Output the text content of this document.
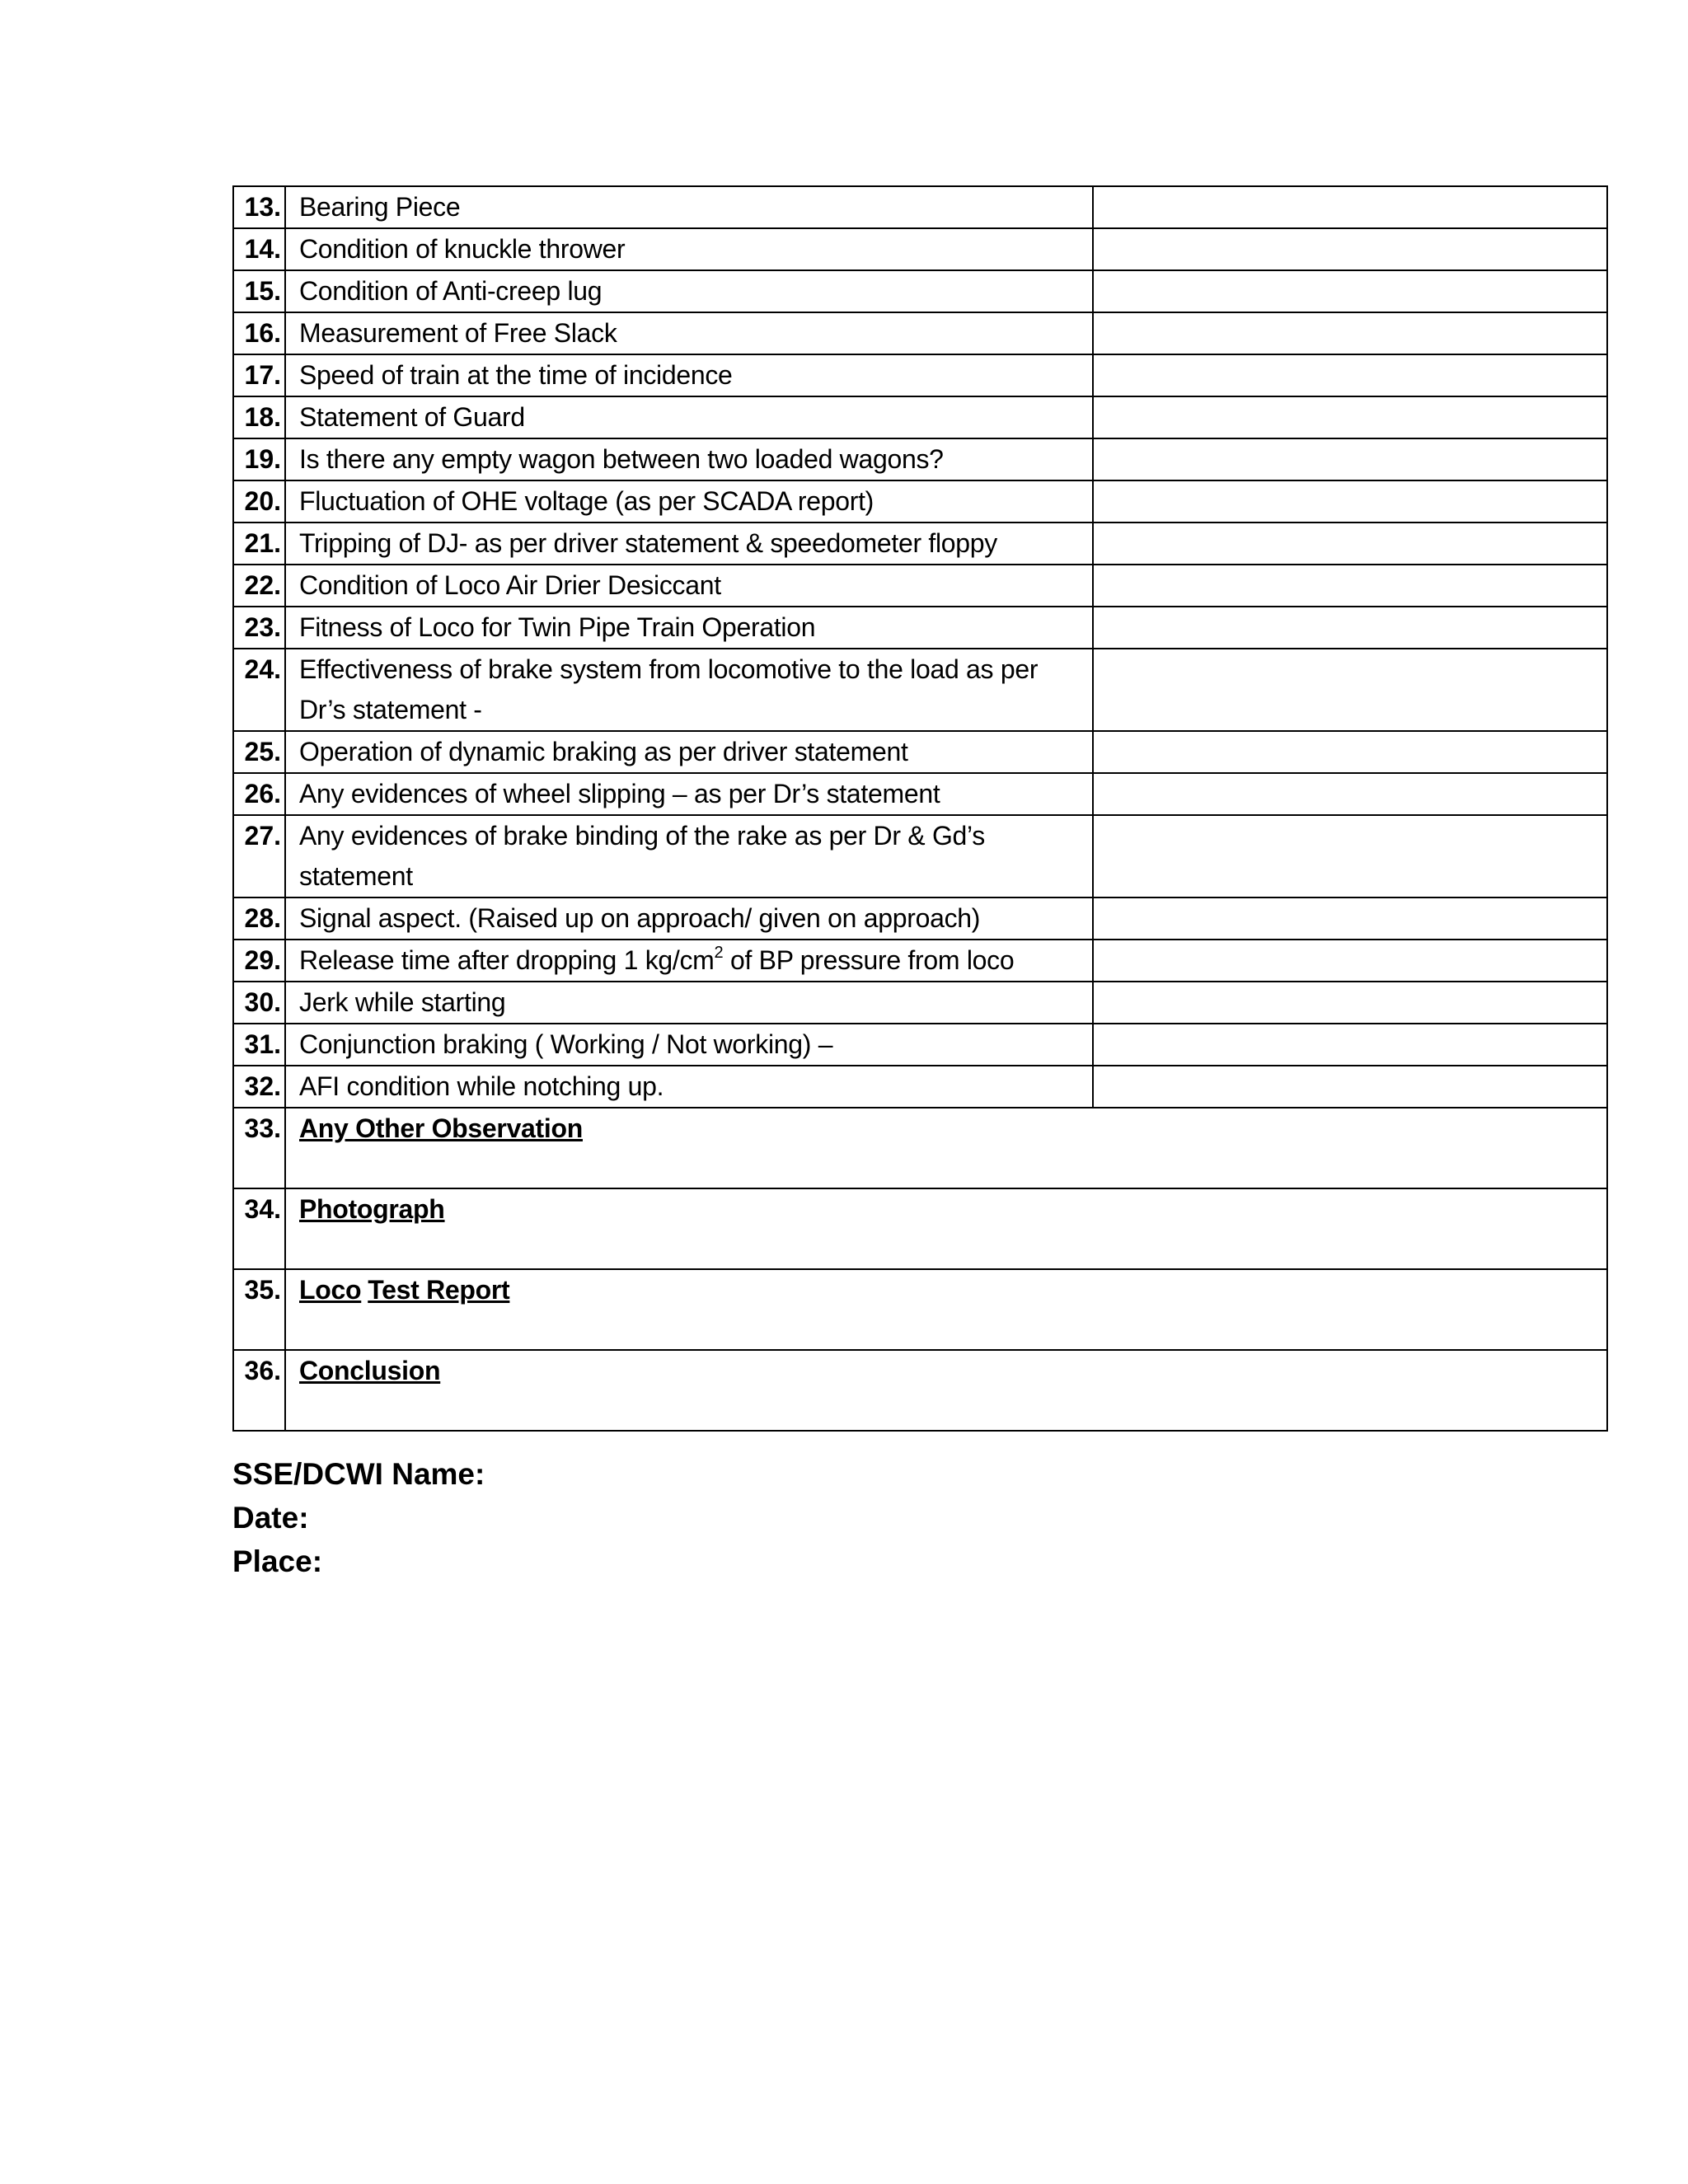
13.	Bearing Piece	
14.	Condition of knuckle thrower	
15.	Condition of Anti-creep lug	
16.	Measurement of Free Slack	
17.	Speed of train at the time of incidence	
18.	Statement of Guard	
19.	Is there any empty wagon between two loaded wagons?	
20.	Fluctuation of OHE voltage (as per SCADA report)	
21.	Tripping of DJ- as per driver statement & speedometer floppy	
22.	Condition of Loco Air Drier Desiccant	
23.	Fitness of Loco for Twin Pipe Train Operation	
24.	Effectiveness of brake system from locomotive to the load as per Dr’s statement -	
25.	Operation of dynamic braking as per driver statement	
26.	Any evidences of wheel slipping – as per Dr’s statement	
27.	Any evidences of brake binding of the rake as per Dr & Gd’s statement	
28.	Signal aspect. (Raised up on approach/ given on approach)	
29.	Release time after dropping 1 $kg/cm^2$ of BP pressure from loco	
30.	Jerk while starting	
31.	Conjunction braking ( Working / Not working) –	
32.	AFI condition while notching up.	
33.	Any Other Observation	
34.	Photograph	
35.	Loco Test Report	
36.	Conclusion	
SSE/DCWI Name:
Date:
Place:
